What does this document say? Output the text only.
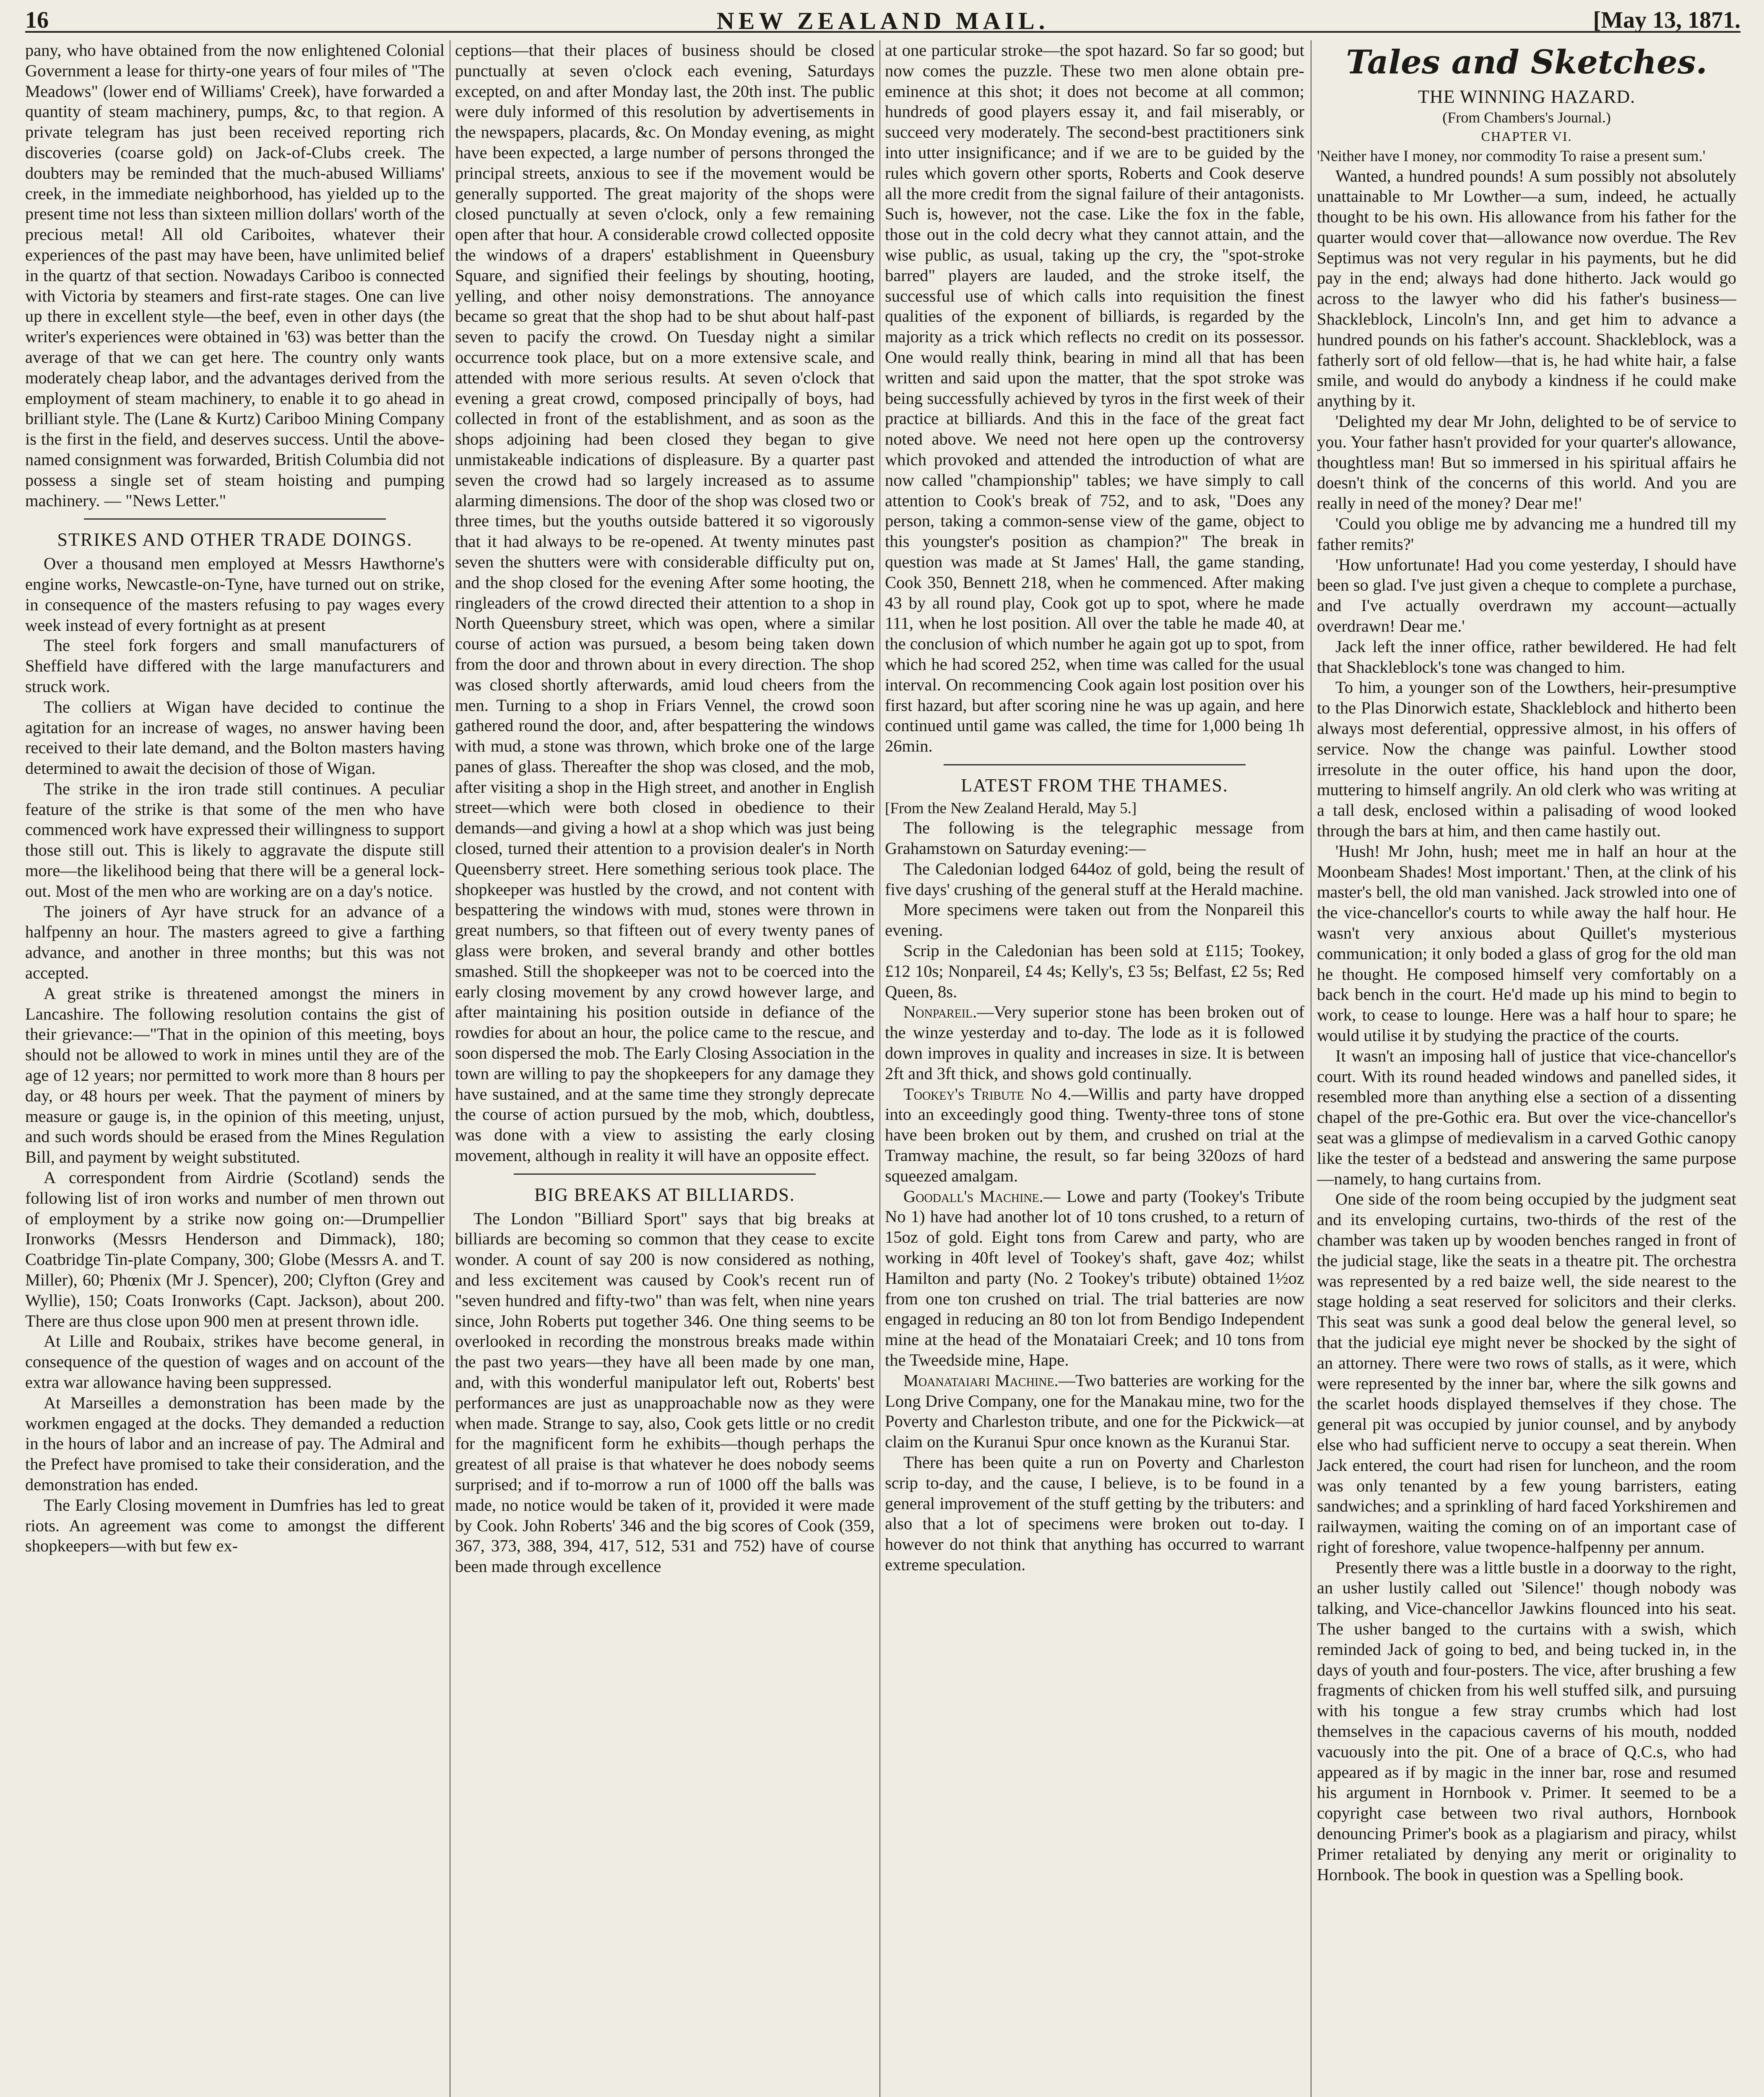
16	NEW ZEALAND MAIL.	[May 13, 1871.

pany, who have obtained from the now enlightened Colonial Government a lease for thirty-one years of four miles of "The Meadows" (lower end of Williams' Creek), have forwarded a quantity of steam machinery, pumps, &c, to that region. A private telegram has just been received reporting rich discoveries (coarse gold) on Jack-of-Clubs creek. The doubters may be reminded that the much-abused Williams' creek, in the immediate neighborhood, has yielded up to the present time not less than sixteen million dollars' worth of the precious metal! All old Cariboites, whatever their experiences of the past may have been, have unlimited belief in the quartz of that section. Nowadays Cariboo is connected with Victoria by steamers and first-rate stages. One can live up there in excellent style—the beef, even in other days (the writer's experiences were obtained in '63) was better than the average of that we can get here. The country only wants moderately cheap labor, and the advantages derived from the employment of steam machinery, to enable it to go ahead in brilliant style. The (Lane & Kurtz) Cariboo Mining Company is the first in the field, and deserves success. Until the above-named consignment was forwarded, British Columbia did not possess a single set of steam hoisting and pumping machinery. — "News Letter."

STRIKES AND OTHER TRADE DOINGS.

Over a thousand men employed at Messrs Hawthorne's engine works, Newcastle-on-Tyne, have turned out on strike, in consequence of the masters refusing to pay wages every week instead of every fortnight as at present

The steel fork forgers and small manufacturers of Sheffield have differed with the large manufacturers and struck work.

The colliers at Wigan have decided to continue the agitation for an increase of wages, no answer having been received to their late demand, and the Bolton masters having determined to await the decision of those of Wigan.

The strike in the iron trade still continues. A peculiar feature of the strike is that some of the men who have commenced work have expressed their willingness to support those still out. This is likely to aggravate the dispute still more—the likelihood being that there will be a general lock-out. Most of the men who are working are on a day's notice.

The joiners of Ayr have struck for an advance of a halfpenny an hour. The masters agreed to give a farthing advance, and another in three months; but this was not accepted.

A great strike is threatened amongst the miners in Lancashire. The following resolution contains the gist of their grievance:—"That in the opinion of this meeting, boys should not be allowed to work in mines until they are of the age of 12 years; nor permitted to work more than 8 hours per day, or 48 hours per week. That the payment of miners by measure or gauge is, in the opinion of this meeting, unjust, and such words should be erased from the Mines Regulation Bill, and payment by weight substituted.

A correspondent from Airdrie (Scotland) sends the following list of iron works and number of men thrown out of employment by a strike now going on:—Drumpellier Ironworks (Messrs Henderson and Dimmack), 180; Coatbridge Tin-plate Company, 300; Globe (Messrs A. and T. Miller), 60; Phœnix (Mr J. Spencer), 200; Clyfton (Grey and Wyllie), 150; Coats Ironworks (Capt. Jackson), about 200. There are thus close upon 900 men at present thrown idle.

At Lille and Roubaix, strikes have become general, in consequence of the question of wages and on account of the extra war allowance having been suppressed.

At Marseilles a demonstration has been made by the workmen engaged at the docks. They demanded a reduction in the hours of labor and an increase of pay. The Admiral and the Prefect have promised to take their consideration, and the demonstration has ended.

The Early Closing movement in Dumfries has led to great riots. An agreement was come to amongst the different shopkeepers—with but few ex-

ceptions—that their places of business should be closed punctually at seven o'clock each evening, Saturdays excepted, on and after Monday last, the 20th inst. The public were duly informed of this resolution by advertisements in the newspapers, placards, &c. On Monday evening, as might have been expected, a large number of persons thronged the principal streets, anxious to see if the movement would be generally supported. The great majority of the shops were closed punctually at seven o'clock, only a few remaining open after that hour. A considerable crowd collected opposite the windows of a drapers' establishment in Queensbury Square, and signified their feelings by shouting, hooting, yelling, and other noisy demonstrations. The annoyance became so great that the shop had to be shut about half-past seven to pacify the crowd. On Tuesday night a similar occurrence took place, but on a more extensive scale, and attended with more serious results. At seven o'clock that evening a great crowd, composed principally of boys, had collected in front of the establishment, and as soon as the shops adjoining had been closed they began to give unmistakeable indications of displeasure. By a quarter past seven the crowd had so largely increased as to assume alarming dimensions. The door of the shop was closed two or three times, but the youths outside battered it so vigorously that it had always to be re-opened. At twenty minutes past seven the shutters were with considerable difficulty put on, and the shop closed for the evening After some hooting, the ringleaders of the crowd directed their attention to a shop in North Queensbury street, which was open, where a similar course of action was pursued, a besom being taken down from the door and thrown about in every direction. The shop was closed shortly afterwards, amid loud cheers from the men. Turning to a shop in Friars Vennel, the crowd soon gathered round the door, and, after bespattering the windows with mud, a stone was thrown, which broke one of the large panes of glass. Thereafter the shop was closed, and the mob, after visiting a shop in the High street, and another in English street—which were both closed in obedience to their demands—and giving a howl at a shop which was just being closed, turned their attention to a provision dealer's in North Queensberry street. Here something serious took place. The shopkeeper was hustled by the crowd, and not content with bespattering the windows with mud, stones were thrown in great numbers, so that fifteen out of every twenty panes of glass were broken, and several brandy and other bottles smashed. Still the shopkeeper was not to be coerced into the early closing movement by any crowd however large, and after maintaining his position outside in defiance of the rowdies for about an hour, the police came to the rescue, and soon dispersed the mob. The Early Closing Association in the town are willing to pay the shopkeepers for any damage they have sustained, and at the same time they strongly deprecate the course of action pursued by the mob, which, doubtless, was done with a view to assisting the early closing movement, although in reality it will have an opposite effect.

BIG BREAKS AT BILLIARDS.

The London "Billiard Sport" says that big breaks at billiards are becoming so common that they cease to excite wonder. A count of say 200 is now considered as nothing, and less excitement was caused by Cook's recent run of "seven hundred and fifty-two" than was felt, when nine years since, John Roberts put together 346. One thing seems to be overlooked in recording the monstrous breaks made within the past two years—they have all been made by one man, and, with this wonderful manipulator left out, Roberts' best performances are just as unapproachable now as they were when made. Strange to say, also, Cook gets little or no credit for the magnificent form he exhibits—though perhaps the greatest of all praise is that whatever he does nobody seems surprised; and if to-morrow a run of 1000 off the balls was made, no notice would be taken of it, provided it were made by Cook. John Roberts' 346 and the big scores of Cook (359, 367, 373, 388, 394, 417, 512, 531 and 752) have of course been made through excellence

at one particular stroke—the spot hazard. So far so good; but now comes the puzzle. These two men alone obtain pre-eminence at this shot; it does not become at all common; hundreds of good players essay it, and fail miserably, or succeed very moderately. The second-best practitioners sink into utter insignificance; and if we are to be guided by the rules which govern other sports, Roberts and Cook deserve all the more credit from the signal failure of their antagonists. Such is, however, not the case. Like the fox in the fable, those out in the cold decry what they cannot attain, and the wise public, as usual, taking up the cry, the "spot-stroke barred" players are lauded, and the stroke itself, the successful use of which calls into requisition the finest qualities of the exponent of billiards, is regarded by the majority as a trick which reflects no credit on its possessor. One would really think, bearing in mind all that has been written and said upon the matter, that the spot stroke was being successfully achieved by tyros in the first week of their practice at billiards. And this in the face of the great fact noted above. We need not here open up the controversy which provoked and attended the introduction of what are now called "championship" tables; we have simply to call attention to Cook's break of 752, and to ask, "Does any person, taking a common-sense view of the game, object to this youngster's position as champion?" The break in question was made at St James' Hall, the game standing, Cook 350, Bennett 218, when he commenced. After making 43 by all round play, Cook got up to spot, where he made 111, when he lost position. All over the table he made 40, at the conclusion of which number he again got up to spot, from which he had scored 252, when time was called for the usual interval. On recommencing Cook again lost position over his first hazard, but after scoring nine he was up again, and here continued until game was called, the time for 1,000 being 1h 26min.

LATEST FROM THE THAMES.

[From the New Zealand Herald, May 5.]

The following is the telegraphic message from Grahamstown on Saturday evening:—

The Caledonian lodged 644oz of gold, being the result of five days' crushing of the general stuff at the Herald machine.

More specimens were taken out from the Nonpareil this evening.

Scrip in the Caledonian has been sold at £115; Tookey, £12 10s; Nonpareil, £4 4s; Kelly's, £3 5s; Belfast, £2 5s; Red Queen, 8s.

Nonpareil.—Very superior stone has been broken out of the winze yesterday and to-day. The lode as it is followed down improves in quality and increases in size. It is between 2ft and 3ft thick, and shows gold continually.

Tookey's Tribute No 4.—Willis and party have dropped into an exceedingly good thing. Twenty-three tons of stone have been broken out by them, and crushed on trial at the Tramway machine, the result, so far being 320ozs of hard squeezed amalgam.

Goodall's Machine.— Lowe and party (Tookey's Tribute No 1) have had another lot of 10 tons crushed, to a return of 15oz of gold. Eight tons from Carew and party, who are working in 40ft level of Tookey's shaft, gave 4oz; whilst Hamilton and party (No. 2 Tookey's tribute) obtained 1½oz from one ton crushed on trial. The trial batteries are now engaged in reducing an 80 ton lot from Bendigo Independent mine at the head of the Monataiari Creek; and 10 tons from the Tweedside mine, Hape.

Moanataiari Machine.—Two batteries are working for the Long Drive Company, one for the Manakau mine, two for the Poverty and Charleston tribute, and one for the Pickwick—at claim on the Kuranui Spur once known as the Kuranui Star.

There has been quite a run on Poverty and Charleston scrip to-day, and the cause, I believe, is to be found in a general improvement of the stuff getting by the tributers: and also that a lot of specimens were broken out to-day. I however do not think that anything has occurred to warrant extreme speculation.

Tales and Sketches.
THE WINNING HAZARD.
(From Chambers's Journal.)
CHAPTER VI.

'Neither have I money, nor commodity To raise a present sum.'

Wanted, a hundred pounds! A sum possibly not absolutely unattainable to Mr Lowther—a sum, indeed, he actually thought to be his own. His allowance from his father for the quarter would cover that—allowance now overdue. The Rev Septimus was not very regular in his payments, but he did pay in the end; always had done hitherto. Jack would go across to the lawyer who did his father's business—Shackleblock, Lincoln's Inn, and get him to advance a hundred pounds on his father's account. Shackleblock, was a fatherly sort of old fellow—that is, he had white hair, a false smile, and would do anybody a kindness if he could make anything by it.

'Delighted my dear Mr John, delighted to be of service to you. Your father hasn't provided for your quarter's allowance, thoughtless man! But so immersed in his spiritual affairs he doesn't think of the concerns of this world. And you are really in need of the money? Dear me!'

'Could you oblige me by advancing me a hundred till my father remits?'

'How unfortunate! Had you come yesterday, I should have been so glad. I've just given a cheque to complete a purchase, and I've actually overdrawn my account—actually overdrawn! Dear me.'

Jack left the inner office, rather bewildered. He had felt that Shackleblock's tone was changed to him.

To him, a younger son of the Lowthers, heir-presumptive to the Plas Dinorwich estate, Shackleblock and hitherto been always most deferential, oppressive almost, in his offers of service. Now the change was painful. Lowther stood irresolute in the outer office, his hand upon the door, muttering to himself angrily. An old clerk who was writing at a tall desk, enclosed within a palisading of wood looked through the bars at him, and then came hastily out.

'Hush! Mr John, hush; meet me in half an hour at the Moonbeam Shades! Most important.' Then, at the clink of his master's bell, the old man vanished. Jack strowled into one of the vice-chancellor's courts to while away the half hour. He wasn't very anxious about Quillet's mysterious communication; it only boded a glass of grog for the old man he thought. He composed himself very comfortably on a back bench in the court. He'd made up his mind to begin to work, to cease to lounge. Here was a half hour to spare; he would utilise it by studying the practice of the courts.

It wasn't an imposing hall of justice that vice-chancellor's court. With its round headed windows and panelled sides, it resembled more than anything else a section of a dissenting chapel of the pre-Gothic era. But over the vice-chancellor's seat was a glimpse of medievalism in a carved Gothic canopy like the tester of a bedstead and answering the same purpose—namely, to hang curtains from.

One side of the room being occupied by the judgment seat and its enveloping curtains, two-thirds of the rest of the chamber was taken up by wooden benches ranged in front of the judicial stage, like the seats in a theatre pit. The orchestra was represented by a red baize well, the side nearest to the stage holding a seat reserved for solicitors and their clerks. This seat was sunk a good deal below the general level, so that the judicial eye might never be shocked by the sight of an attorney. There were two rows of stalls, as it were, which were represented by the inner bar, where the silk gowns and the scarlet hoods displayed themselves if they chose. The general pit was occupied by junior counsel, and by anybody else who had sufficient nerve to occupy a seat therein. When Jack entered, the court had risen for luncheon, and the room was only tenanted by a few young barristers, eating sandwiches; and a sprinkling of hard faced Yorkshiremen and railwaymen, waiting the coming on of an important case of right of foreshore, value twopence-halfpenny per annum.

Presently there was a little bustle in a doorway to the right, an usher lustily called out 'Silence!' though nobody was talking, and Vice-chancellor Jawkins flounced into his seat. The usher banged to the curtains with a swish, which reminded Jack of going to bed, and being tucked in, in the days of youth and four-posters. The vice, after brushing a few fragments of chicken from his well stuffed silk, and pursuing with his tongue a few stray crumbs which had lost themselves in the capacious caverns of his mouth, nodded vacuously into the pit. One of a brace of Q.C.s, who had appeared as if by magic in the inner bar, rose and resumed his argument in Hornbook v. Primer. It seemed to be a copyright case between two rival authors, Hornbook denouncing Primer's book as a plagiarism and piracy, whilst Primer retaliated by denying any merit or originality to Hornbook. The book in question was a Spelling book.
